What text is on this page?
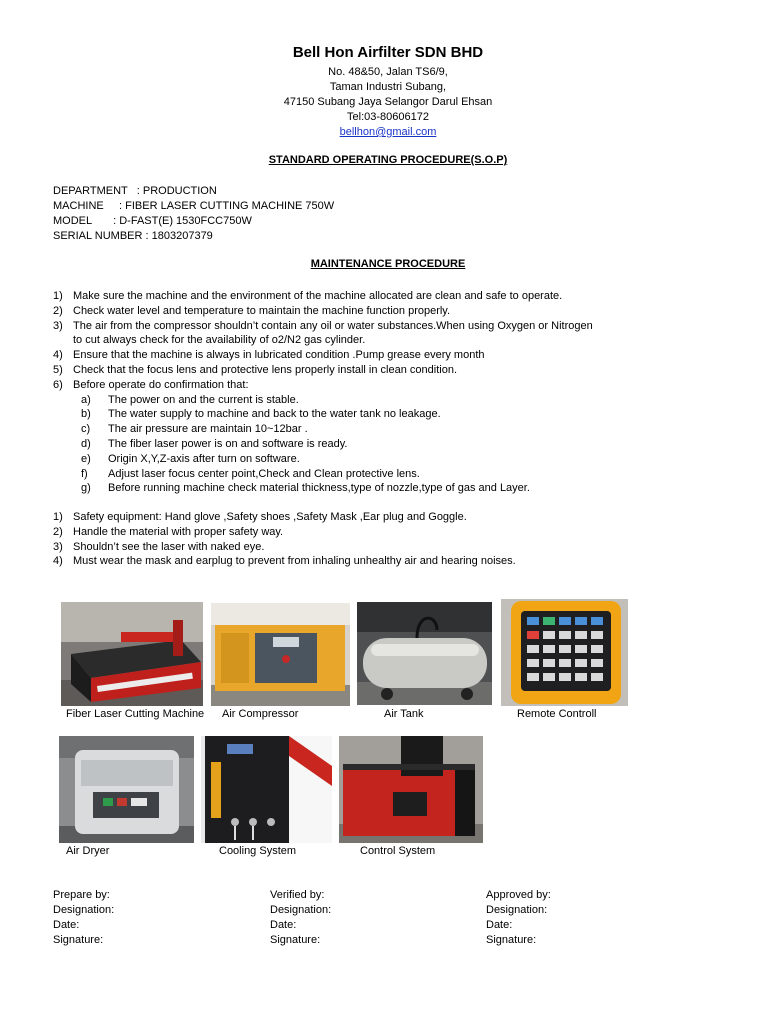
Bell Hon Airfilter SDN BHD
No. 48&50, Jalan TS6/9,
Taman Industri Subang,
47150 Subang Jaya Selangor Darul Ehsan
Tel:03-80606172
bellhon@gmail.com
STANDARD OPERATING PROCEDURE(S.O.P)
DEPARTMENT   : PRODUCTION
MACHINE     : FIBER LASER CUTTING MACHINE 750W
MODEL       : D-FAST(E) 1530FCC750W
SERIAL NUMBER : 1803207379
MAINTENANCE PROCEDURE
1) Make sure the machine and the environment of the machine allocated are clean and safe to operate.
2) Check water level and temperature to maintain the machine function properly.
3) The air from the compressor shouldn’t contain any oil or water substances.When using Oxygen or Nitrogen
to cut always check for the availability of o2/N2 gas cylinder.
4) Ensure that the machine is always in lubricated condition .Pump grease every month
5) Check that the focus lens and protective lens properly install in clean condition.
6) Before operate do confirmation that:
a)	The power on and the current is stable.
b)	The water supply to machine and back to the water tank no leakage.
c)	The air pressure are maintain 10~12bar .
d)	The fiber laser power is on and software is ready.
e)	Origin X,Y,Z-axis after turn on software.
f)	Adjust laser focus center point,Check and Clean protective lens.
g)	Before running machine check material thickness,type of nozzle,type of gas and Layer.
1) Safety equipment: Hand glove ,Safety shoes ,Safety Mask ,Ear plug and Goggle.
2) Handle the material with proper safety way.
3) Shouldn’t see the laser with naked eye.
4) Must wear the mask and earplug to prevent from inhaling unhealthy air and hearing noises.
Fiber Laser Cutting Machine Air Compressor	Air Tank	Remote Controll
Air Dryer	Cooling System	Control System
Prepare by:
Designation:
Date:
Signature:
Verified by:
Designation:
Date:
Signature:
Approved by:
Designation:
Date:
Signature:
